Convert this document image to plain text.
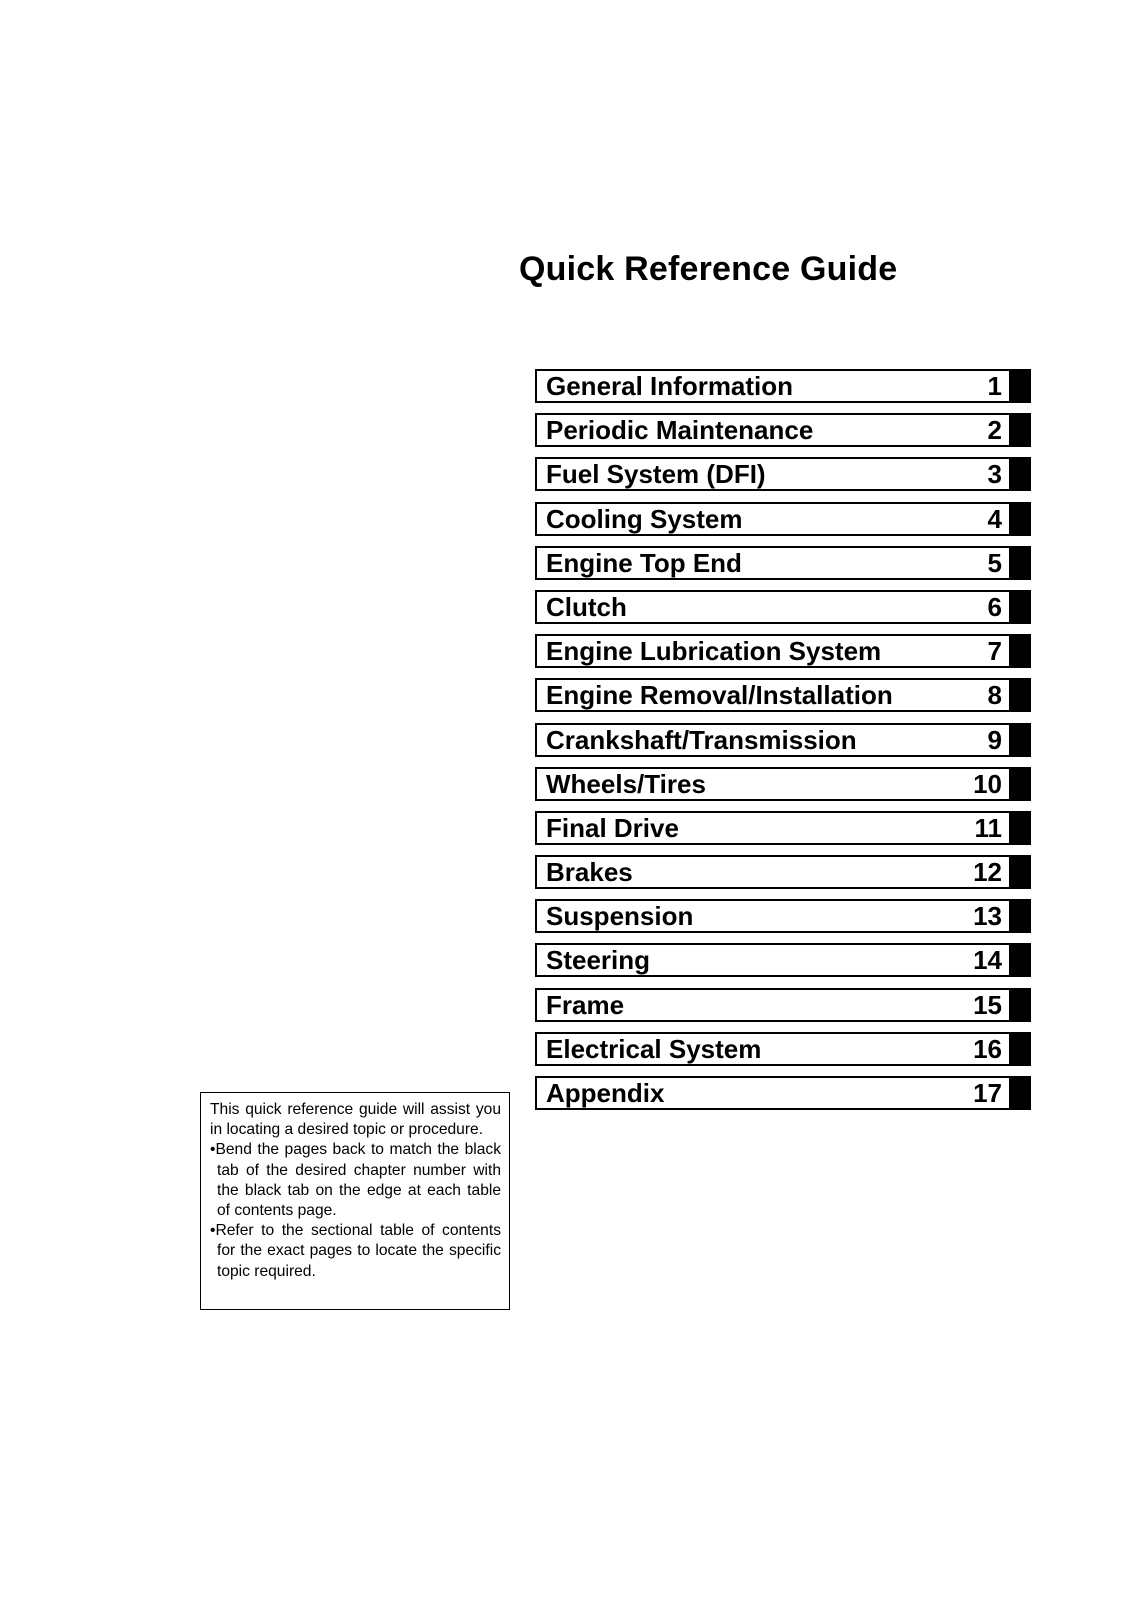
Quick Reference Guide
General Information	1
Periodic Maintenance	2
Fuel System (DFI)	3
Cooling System	4
Engine Top End	5
Clutch	6
Engine Lubrication System	7
Engine Removal/Installation	8
Crankshaft/Transmission	9
Wheels/Tires	10
Final Drive	11
Brakes	12
Suspension	13
Steering	14
Frame	15
Electrical System	16
Appendix	17

This quick reference guide will assist you in locating a desired topic or procedure.

•Bend the pages back to match the black tab of the desired chapter number with the black tab on the edge at each table of contents page.

•Refer to the sectional table of contents for the exact pages to locate the specific topic required.
